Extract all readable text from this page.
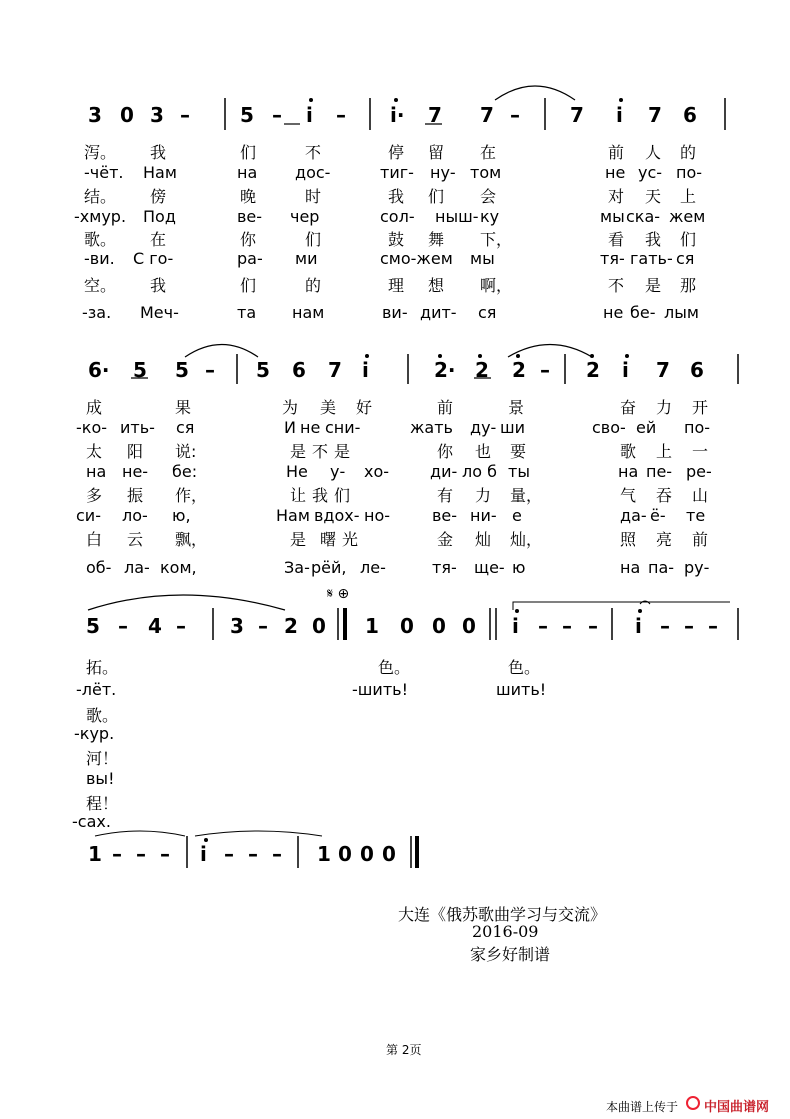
3 0 3 –	5 – i – i· 7 7 –	7 i 7 6
泻。 我	们	不	停 留 在	前 人 的
-чёт. Нам	на дос-	тиг- ну- том	не ус- по-
结。 傍	晚	时	我 们 会	对 天 上
-хмур. Под	ве- чер	сол- ныш- ку	мы ска- жем
歌。 在	你	们	鼓 舞 下，	看 我 们
-ви. С го-	ра- ми	смо-жем мы	тя- гать- ся
空。 我	们	的	理 想 啊，	不 是 那
-за. Меч-	та нам	ви- дит- ся	не бе- лым
6· 5 5 – 5 6 7 i	2· 2 2 – 2 i 7 6
成	果	为 美 好	前	景	奋 力 开
-ко- ить- ся	И не сни-	жать ду- ши	сво- ей по-
太 阳 说:	是 不 是	你 也 要	歌 上 一
на не- бе:	Не у- хо-	ди- ло б ты	на пе- ре-
多 振 作，	让 我 们	有 力 量，	气 吞 山
си- ло- ю,	Нам вдох- но-	ве- ни- е	да- ё- те
白 云 飘，	是 曙 光	金 灿 灿，	照 亮 前
об- ла- ком,	За- рёй, ле-	тя- ще- ю	на па- ру-
𝄋 ⊕
5 – 4 – 3 – 2 0 1 0 0 0 i – – – i – – –
拓。	色。	色。
-лёт.	-шить!	шить!
歌。
-кур.
河！
вы!
程！
-сах.
1 – – – i – – – 1 0 0 0
大连《俄苏歌曲学习与交流》
2016-09
家乡好制谱
第 2页
本曲谱上传于 中国曲谱网
